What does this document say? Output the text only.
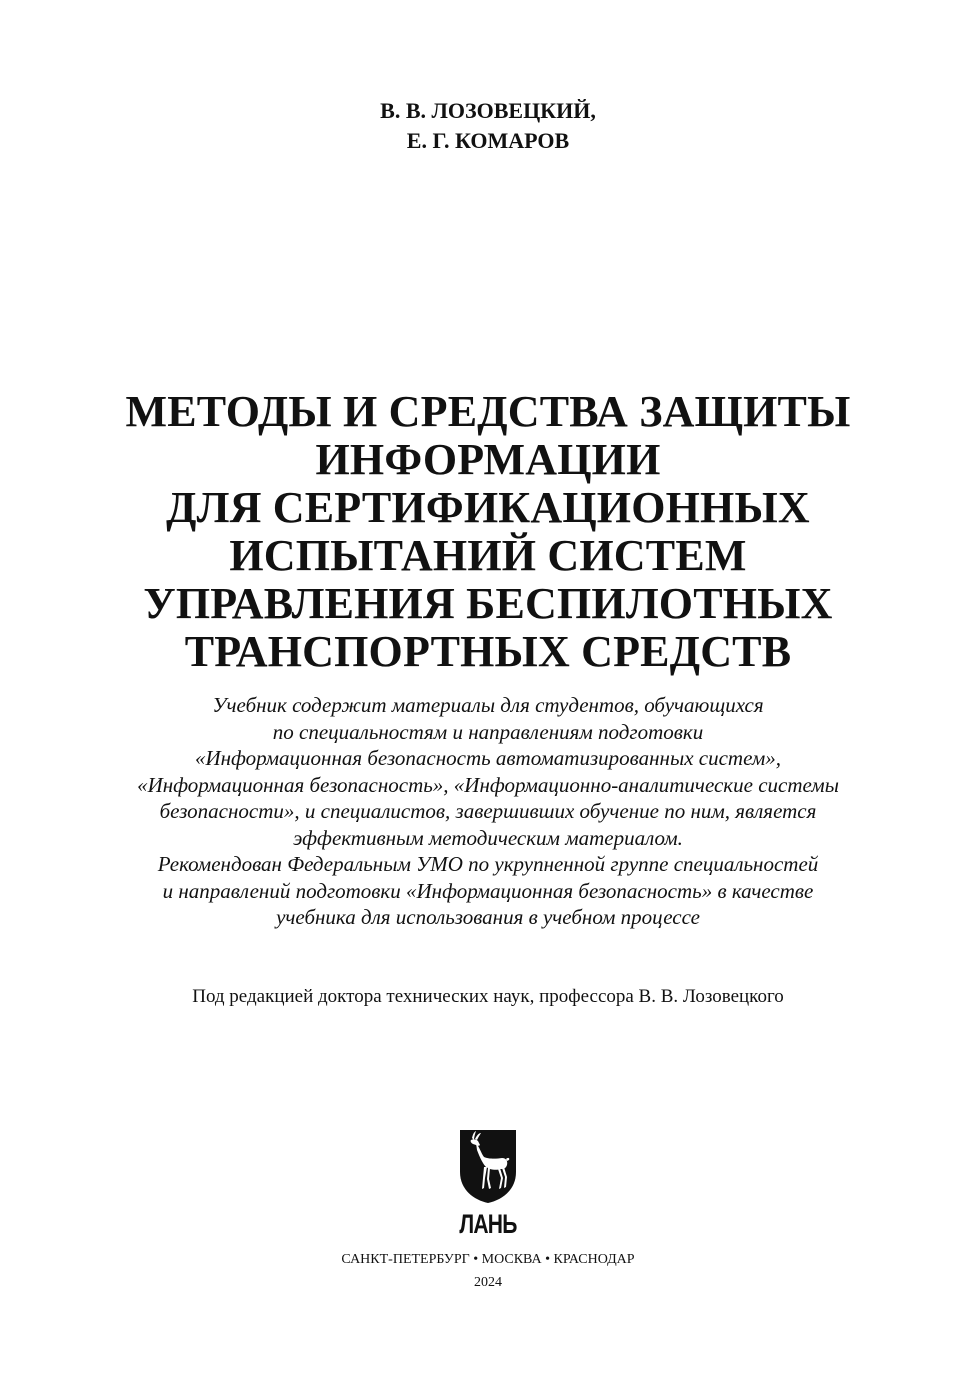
В. В. ЛОЗОВЕЦКИЙ,
Е. Г. КОМАРОВ
МЕТОДЫ И СРЕДСТВА ЗАЩИТЫ
ИНФОРМАЦИИ
ДЛЯ СЕРТИФИКАЦИОННЫХ
ИСПЫТАНИЙ СИСТЕМ
УПРАВЛЕНИЯ БЕСПИЛОТНЫХ
ТРАНСПОРТНЫХ СРЕДСТВ
Учебник содержит материалы для студентов, обучающихся
по специальностям и направлениям подготовки
«Информационная безопасность автоматизированных систем»,
«Информационная безопасность», «Информационно-аналитические системы
безопасности», и специалистов, завершивших обучение по ним, является
эффективным методическим материалом.
Рекомендован Федеральным УМО по укрупненной группе специальностей
и направлений подготовки «Информационная безопасность» в качестве
учебника для использования в учебном процессе
Под редакцией доктора технических наук, профессора В. В. Лозовецкого
ЛАНЬ
САНКТ-ПЕТЕРБУРГ • МОСКВА • КРАСНОДАР
2024
